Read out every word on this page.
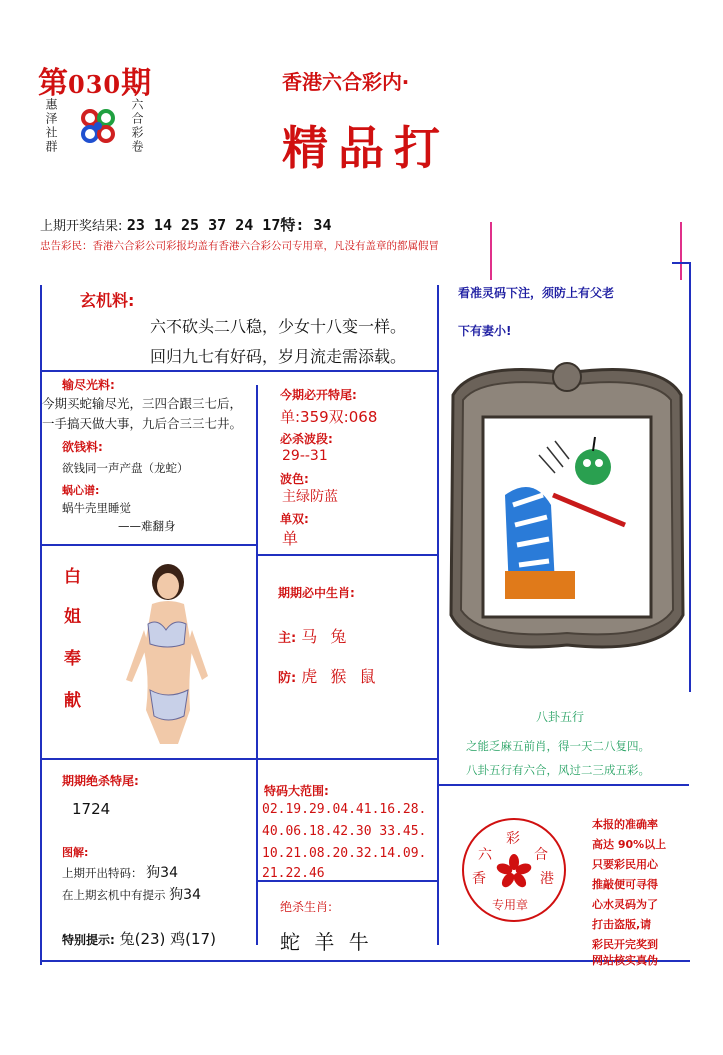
第030期
惠泽社群	六合彩卷
香港六合彩内‧
精品打
上期开奖结果: 23 14 25 37 24 17特: 34
忠告彩民：香港六合彩公司彩报均盖有香港六合彩公司专用章，凡没有盖章的都属假冒
玄机料:
六不砍头二八稳，少女十八变一样。
回归九七有好码，岁月流走需添载。
看准灵码下注，须防上有父老
下有妻小!
输尽光料:
今期买蛇输尽光，三四合跟三七后，
一手搞天做大事，九后合三三七井。
欲钱料:
欲钱同一声产盘（龙蛇）
蜗心谱:
蜗牛壳里睡觉
——难翻身
今期必开特尾:
单:359双:068
必杀波段:
29--31
波色:
主绿防蓝
单双:
单
白
姐
奉
献
期期必中生肖:
主: 马 兔
防: 虎 猴 鼠
八卦五行
之能乏麻五前肖，得一天二八复四。
八卦五行有六合，风过二三成五彩。
期期绝杀特尾:
1724
图解:
上期开出特码： 狗34
在上期玄机中有提示 狗34
特别提示: 兔(23) 鸡(17)
特码大范围:
02.19.29.04.41.16.28.
40.06.18.42.30 33.45.
10.21.08.20.32.14.09.
21.22.46
绝杀生肖:
蛇 羊 牛
彩
六	合
香	港
专用章
本报的准确率
高达 90%以上
只要彩民用心
推敲便可寻得
心水灵码为了
打击盗版,请
彩民开完奖到
网站核实真伪
